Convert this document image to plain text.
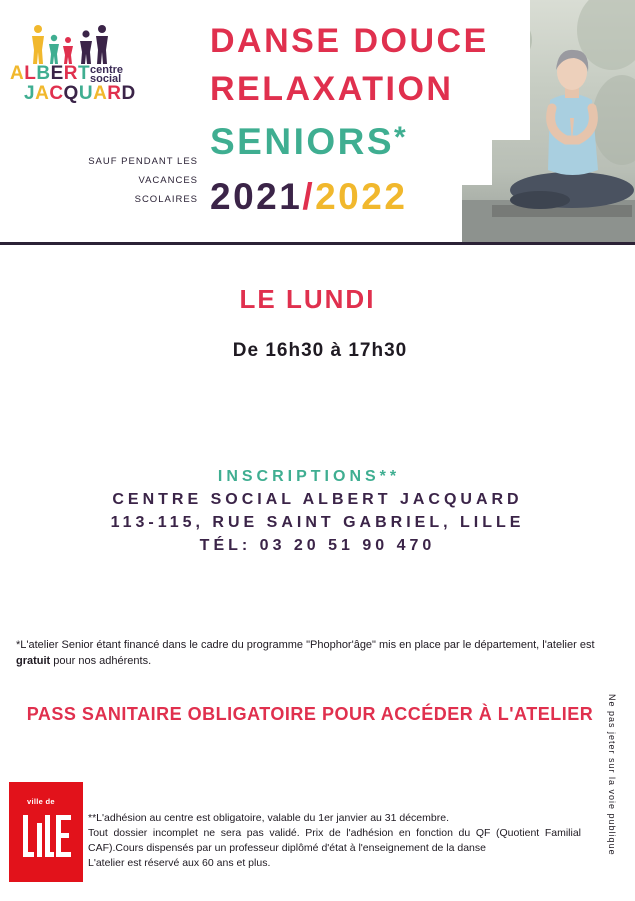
ALBERT
JACQUARD
centre
social
SAUF PENDANT LES
VACANCES
SCOLAIRES
DANSE DOUCE
RELAXATION
SENIORS*
2021/2022
LE LUNDI
De 16h30 à 17h30
INSCRIPTIONS**
CENTRE SOCIAL ALBERT JACQUARD
113-115, RUE SAINT GABRIEL, LILLE
TÉL: 03 20 51 90 470
*L'atelier Senior étant financé dans le cadre du programme "Phophor'âge" mis en place par le département, l'atelier est gratuit pour nos adhérents.
PASS SANITAIRE OBLIGATOIRE POUR ACCÉDER À L'ATELIER	Ne pas jeter sur la voie publique
ville de

**L'adhésion au centre est obligatoire, valable du 1er janvier au 31 décembre.

Tout dossier incomplet ne sera pas validé. Prix de l'adhésion en fonction du QF (Quotient Familial CAF).Cours dispensés par un professeur diplômé d'état à l'enseignement de la danse

L'atelier est réservé aux 60 ans et plus.
